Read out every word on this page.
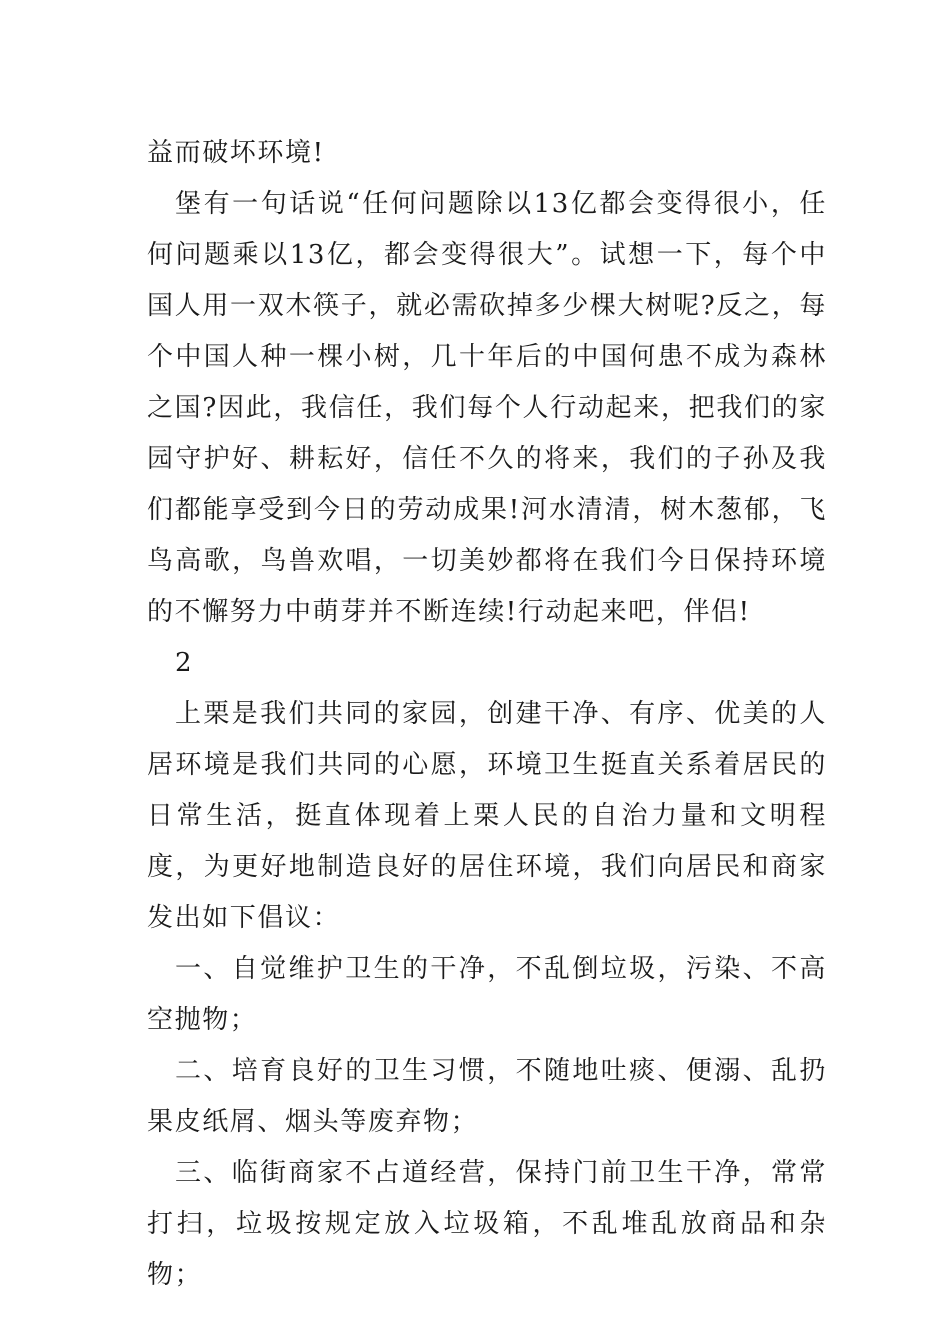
益而破坏环境!

堡有一句话说“任何问题除以13亿都会变得很小，任何问题乘以13亿，都会变得很大”。试想一下，每个中国人用一双木筷子，就必需砍掉多少棵大树呢?反之，每个中国人种一棵小树，几十年后的中国何患不成为森林之国?因此，我信任，我们每个人行动起来，把我们的家园守护好、耕耘好，信任不久的将来，我们的子孙及我们都能享受到今日的劳动成果!河水清清，树木葱郁，飞鸟高歌，鸟兽欢唱，一切美妙都将在我们今日保持环境的不懈努力中萌芽并不断连续!行动起来吧，伴侣!

2

上栗是我们共同的家园，创建干净、有序、优美的人居环境是我们共同的心愿，环境卫生挺直关系着居民的日常生活，挺直体现着上栗人民的自治力量和文明程度，为更好地制造良好的居住环境，我们向居民和商家发出如下倡议：

一、自觉维护卫生的干净，不乱倒垃圾，污染、不高空抛物；

二、培育良好的卫生习惯，不随地吐痰、便溺、乱扔果皮纸屑、烟头等废弃物；

三、临街商家不占道经营，保持门前卫生干净，常常打扫，垃圾按规定放入垃圾箱，不乱堆乱放商品和杂物；
